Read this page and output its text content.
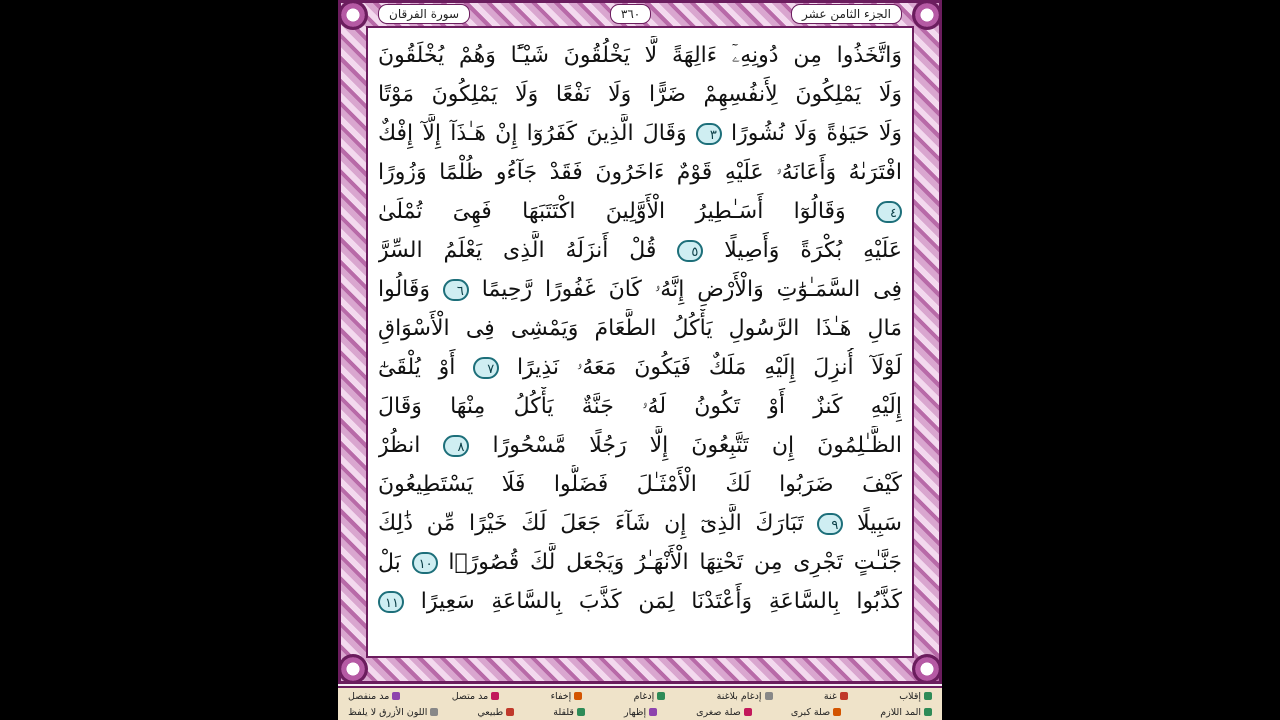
الجزء الثامن عشر
٣٦٠
سورة الفرقان
وَاتَّخَذُوا مِن دُونِهِۦٓ ءَالِهَةً لَّا يَخْلُقُونَ شَيْـًٔا وَهُمْ يُخْلَقُونَ
وَلَا يَمْلِكُونَ لِأَنفُسِهِمْ ضَرًّا وَلَا نَفْعًا وَلَا يَمْلِكُونَ مَوْتًا
وَلَا حَيَوٰةً وَلَا نُشُورًا ٣ وَقَالَ الَّذِينَ كَفَرُوٓا إِنْ هَـٰذَآ إِلَّآ إِفْكٌ
افْتَرَىٰهُ وَأَعَانَهُۥ عَلَيْهِ قَوْمٌ ءَاخَرُونَ فَقَدْ جَآءُو ظُلْمًا وَزُورًا
٤ وَقَالُوٓا أَسَـٰطِيرُ الْأَوَّلِينَ اكْتَتَبَهَا فَهِىَ تُمْلَىٰ
عَلَيْهِ بُكْرَةً وَأَصِيلًا ٥ قُلْ أَنزَلَهُ الَّذِى يَعْلَمُ السِّرَّ
فِى السَّمَـٰوَٰتِ وَالْأَرْضِ إِنَّهُۥ كَانَ غَفُورًا رَّحِيمًا ٦ وَقَالُوا
مَالِ هَـٰذَا الرَّسُولِ يَأْكُلُ الطَّعَامَ وَيَمْشِى فِى الْأَسْوَاقِ
لَوْلَآ أُنزِلَ إِلَيْهِ مَلَكٌ فَيَكُونَ مَعَهُۥ نَذِيرًا ٧ أَوْ يُلْقَىٰٓ
إِلَيْهِ كَنزٌ أَوْ تَكُونُ لَهُۥ جَنَّةٌ يَأْكُلُ مِنْهَا وَقَالَ
الظَّـٰلِمُونَ إِن تَتَّبِعُونَ إِلَّا رَجُلًا مَّسْحُورًا ٨ انظُرْ
كَيْفَ ضَرَبُوا لَكَ الْأَمْثَـٰلَ فَضَلُّوا فَلَا يَسْتَطِيعُونَ
سَبِيلًا ٩ تَبَارَكَ الَّذِىٓ إِن شَآءَ جَعَلَ لَكَ خَيْرًا مِّن ذَٰلِكَ
جَنَّـٰتٍ تَجْرِى مِن تَحْتِهَا الْأَنْهَـٰرُ وَيَجْعَل لَّكَ قُصُورًۢا ١٠ بَلْ
كَذَّبُوا بِالسَّاعَةِ وَأَعْتَدْنَا لِمَن كَذَّبَ بِالسَّاعَةِ سَعِيرًا ١١
إقلاب
غنة
إدغام بلاغنة
إدغام
إخفاء
مد متصل
مد منفصل
المد اللازم
صلة كبرى
صلة صغرى
إظهار
قلقلة
طبيعي
اللون الأزرق لا يلفظ
